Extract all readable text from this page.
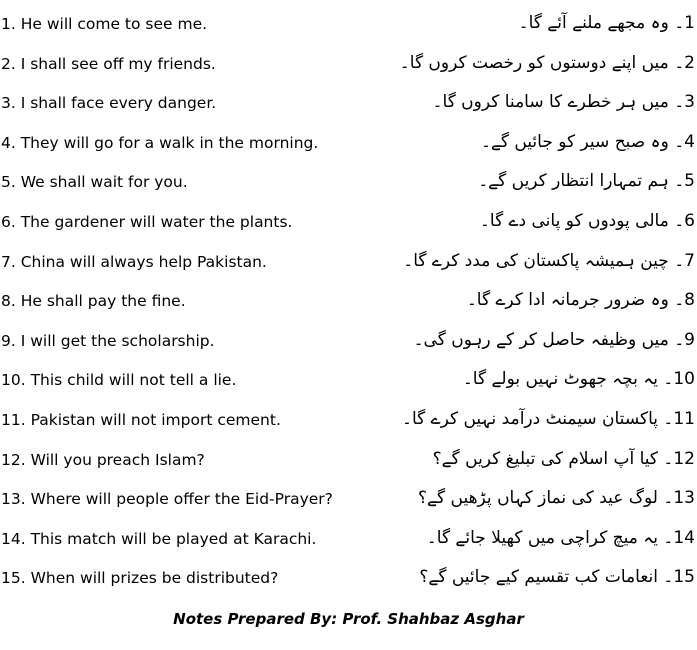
1. He will come to see me.	1۔ وہ مجھے ملنے آئے گا۔
2. I shall see off my friends.	2۔ میں اپنے دوستوں کو رخصت کروں گا۔
3. I shall face every danger.	3۔ میں ہر خطرے کا سامنا کروں گا۔
4. They will go for a walk in the morning.	4۔ وہ صبح سیر کو جائیں گے۔
5. We shall wait for you.	5۔ ہم تمہارا انتظار کریں گے۔
6. The gardener will water the plants.	6۔ مالی پودوں کو پانی دے گا۔
7. China will always help Pakistan.	7۔ چین ہمیشہ پاکستان کی مدد کرے گا۔
8. He shall pay the fine.	8۔ وہ ضرور جرمانہ ادا کرے گا۔
9. I will get the scholarship.	9۔ میں وظیفہ حاصل کر کے رہوں گی۔
10. This child will not tell a lie.	10۔ یہ بچہ جھوٹ نہیں بولے گا۔
11. Pakistan will not import cement.	11۔ پاکستان سیمنٹ درآمد نہیں کرے گا۔
12. Will you preach Islam?	12۔ کیا آپ اسلام کی تبلیغ کریں گے؟
13. Where will people offer the Eid-Prayer?	13۔ لوگ عید کی نماز کہاں پڑھیں گے؟
14. This match will be played at Karachi.	14۔ یہ میچ کراچی میں کھیلا جائے گا۔
15. When will prizes be distributed?	15۔ انعامات کب تقسیم کیے جائیں گے؟
Notes Prepared By: Prof. Shahbaz Asghar
